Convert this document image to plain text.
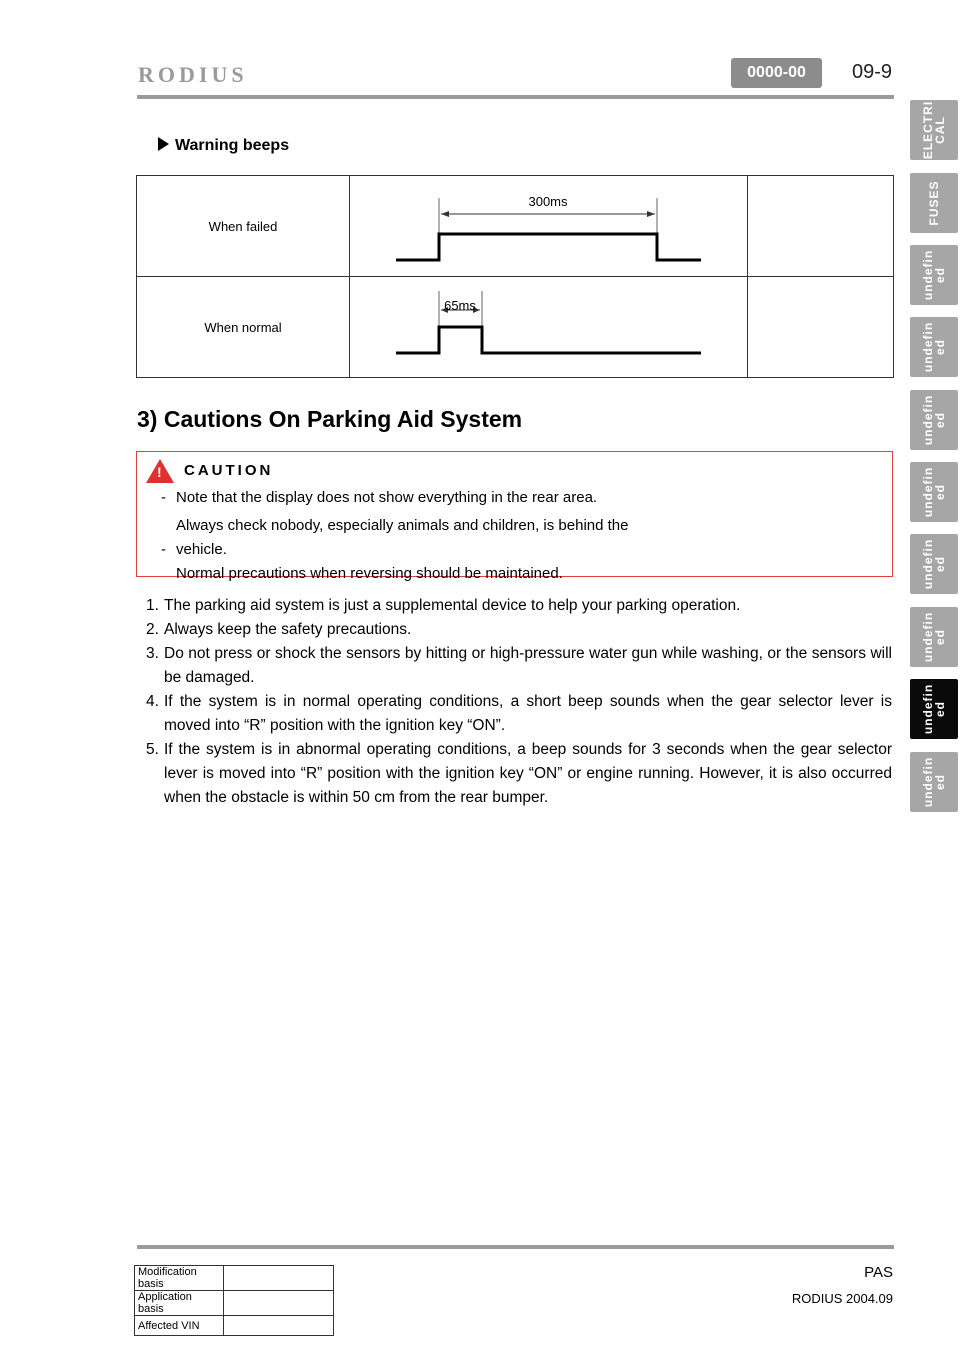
RODIUS	0000-00	09-9
ELECTRI
CAL
FUSES
undefin
ed
undefin
ed
undefin
ed
undefin
ed
undefin
ed
undefin
ed
undefin
ed
undefin
ed
Warning beeps
When failed	300ms	

When normal	65ms	

3) Cautions On Parking Aid System
! CAUTION
- Note that the display does not show everything in the rear area.
Always check nobody, especially animals and children, is behind the
- vehicle.
Normal precautions when reversing should be maintained.
1. The parking aid system is just a supplemental device to help your parking operation.
2. Always keep the safety precautions.
3. Do not press or shock the sensors by hitting or high-pressure water gun while washing, or the sensors will be damaged.
4. If the system is in normal operating conditions, a short beep sounds when the gear selector lever is moved into “R” position with the ignition key “ON”.
5. If the system is in abnormal operating conditions, a beep sounds for 3 seconds when the gear selector lever is moved into “R” position with the ignition key “ON” or engine running. However, it is also occurred when the obstacle is within 50 cm from the rear bumper.
PAS
RODIUS 2004.09
Modification basis	
Application basis	
Affected VIN	
